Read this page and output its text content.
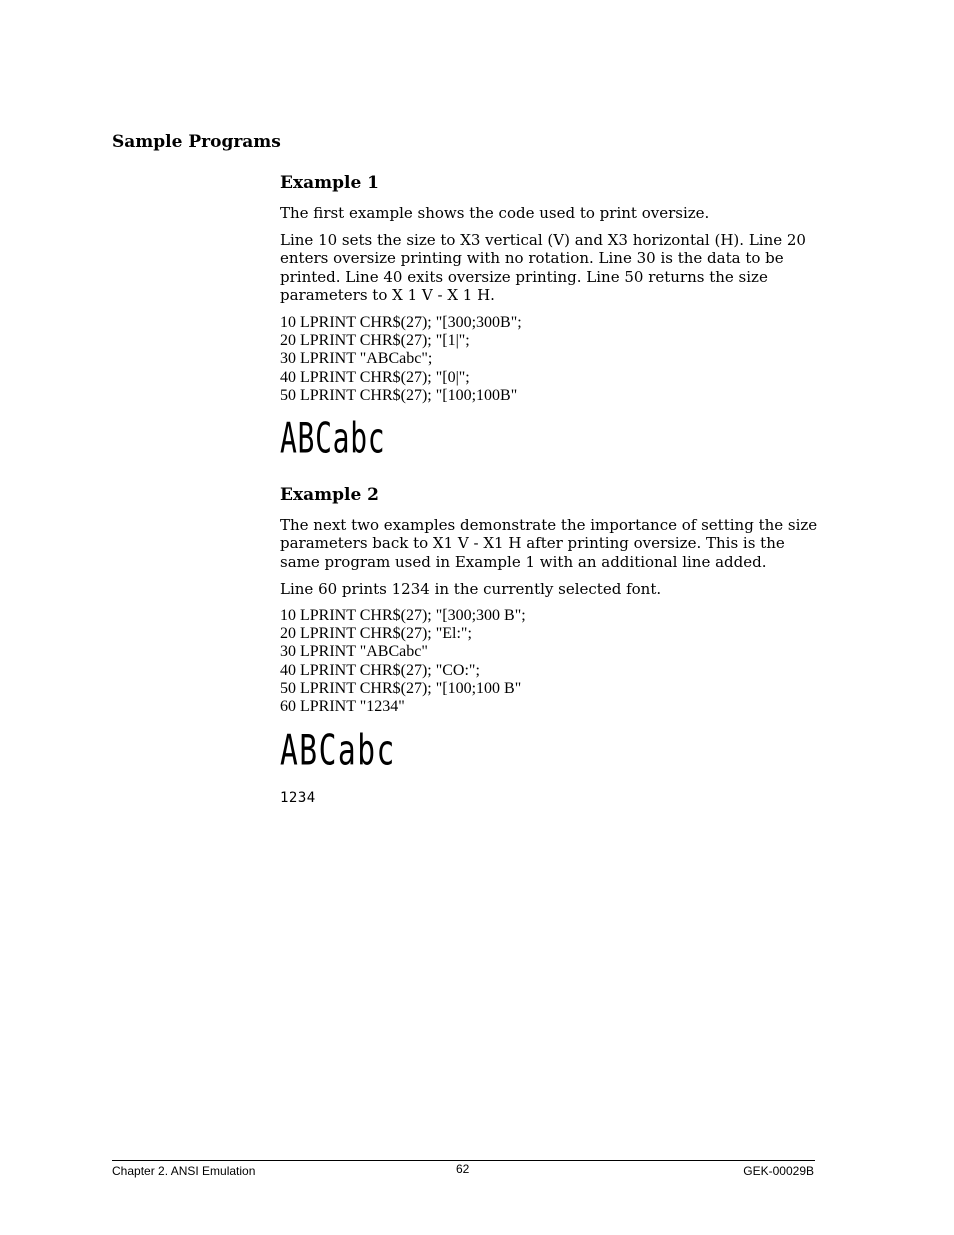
Sample Programs
Example 1

The first example shows the code used to print oversize.

Line 10 sets the size to X3 vertical (V) and X3 horizontal (H). Line 20
enters oversize printing with no rotation. Line 30 is the data to be
printed. Line 40 exits oversize printing. Line 50 returns the size
parameters to X 1 V - X 1 H.

10 LPRINT CHR$(27); "[300;300B";
20 LPRINT CHR$(27); "[1|";
30 LPRINT "ABCabc";
40 LPRINT CHR$(27); "[0|";
50 LPRINT CHR$(27); "[100;100B"
ABCabc
Example 2

The next two examples demonstrate the importance of setting the size
parameters back to X1 V - X1 H after printing oversize. This is the
same program used in Example 1 with an additional line added.

Line 60 prints 1234 in the currently selected font.

10 LPRINT CHR$(27); "[300;300 B";
20 LPRINT CHR$(27); "El:";
30 LPRINT "ABCabc"
40 LPRINT CHR$(27); "CO:";
50 LPRINT CHR$(27); "[100;100 B"
60 LPRINT "1234"
ABCabc
1234
Chapter 2. ANSI Emulation	62	GEK-00029B
